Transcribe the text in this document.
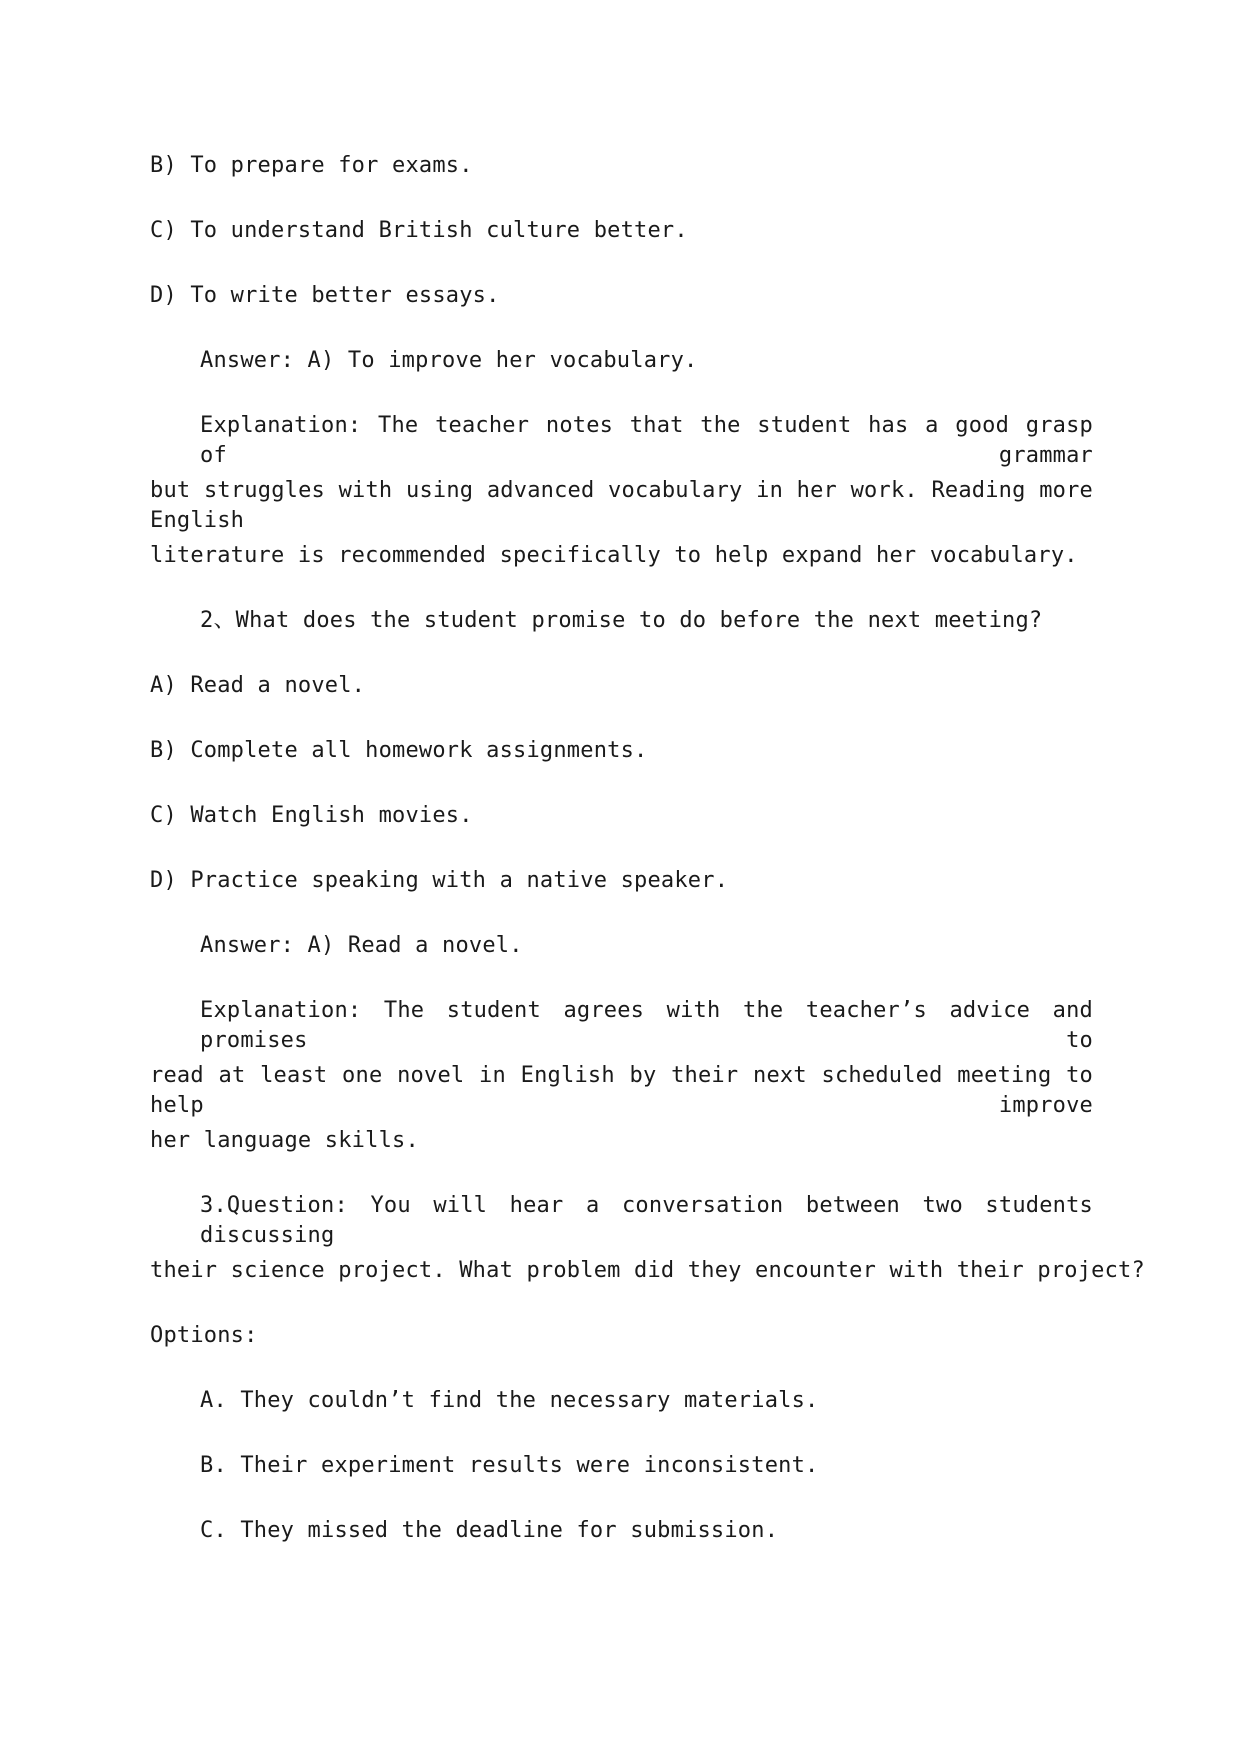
B) To prepare for exams.
C) To understand British culture better.
D) To write better essays.
Answer: A) To improve her vocabulary.
Explanation: The teacher notes that the student has a good grasp of grammar
but struggles with using advanced vocabulary in her work. Reading more English
literature is recommended specifically to help expand her vocabulary.
2、What does the student promise to do before the next meeting?
A) Read a novel.
B) Complete all homework assignments.
C) Watch English movies.
D) Practice speaking with a native speaker.
Answer: A) Read a novel.
Explanation: The student agrees with the teacher’s advice and promises to
read at least one novel in English by their next scheduled meeting to help improve
her language skills.
3.Question: You will hear a conversation between two students discussing
their science project. What problem did they encounter with their project?
Options:
A. They couldn’t find the necessary materials.
B. Their experiment results were inconsistent.
C. They missed the deadline for submission.
